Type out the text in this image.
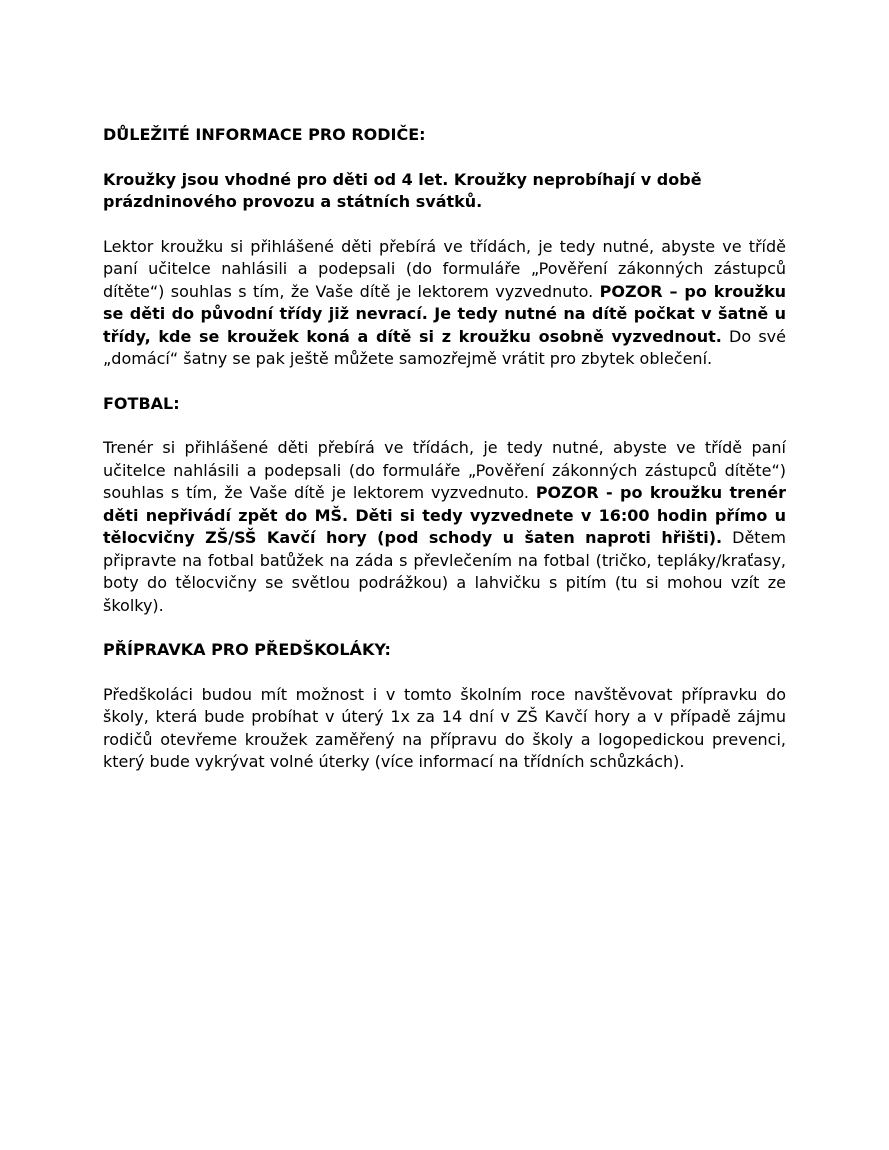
DŮLEŽITÉ INFORMACE PRO RODIČE:
Kroužky jsou vhodné pro děti od 4 let. Kroužky neprobíhají v době prázdninového provozu a státních svátků.
Lektor kroužku si přihlášené děti přebírá ve třídách, je tedy nutné, abyste ve třídě paní učitelce nahlásili a podepsali (do formuláře „Pověření zákonných zástupců dítěte“) souhlas s tím, že Vaše dítě je lektorem vyzvednuto. POZOR – po kroužku se děti do původní třídy již nevrací. Je tedy nutné na dítě počkat v šatně u třídy, kde se kroužek koná a dítě si z kroužku osobně vyzvednout. Do své „domácí“ šatny se pak ještě můžete samozřejmě vrátit pro zbytek oblečení.
FOTBAL:
Trenér si přihlášené děti přebírá ve třídách, je tedy nutné, abyste ve třídě paní učitelce nahlásili a podepsali (do formuláře „Pověření zákonných zástupců dítěte“) souhlas s tím, že Vaše dítě je lektorem vyzvednuto. POZOR - po kroužku trenér děti nepřivádí zpět do MŠ. Děti si tedy vyzvednete v 16:00 hodin přímo u tělocvičny ZŠ/SŠ Kavčí hory (pod schody u šaten naproti hřišti). Dětem připravte na fotbal batůžek na záda s převlečením na fotbal (tričko, tepláky/kraťasy, boty do tělocvičny se světlou podrážkou) a lahvičku s pitím (tu si mohou vzít ze školky).
PŘÍPRAVKA PRO PŘEDŠKOLÁKY:
Předškoláci budou mít možnost i v tomto školním roce navštěvovat přípravku do školy, která bude probíhat v úterý 1x za 14 dní v ZŠ Kavčí hory a v případě zájmu rodičů otevřeme kroužek zaměřený na přípravu do školy a logopedickou prevenci, který bude vykrývat volné úterky (více informací na třídních schůzkách).
